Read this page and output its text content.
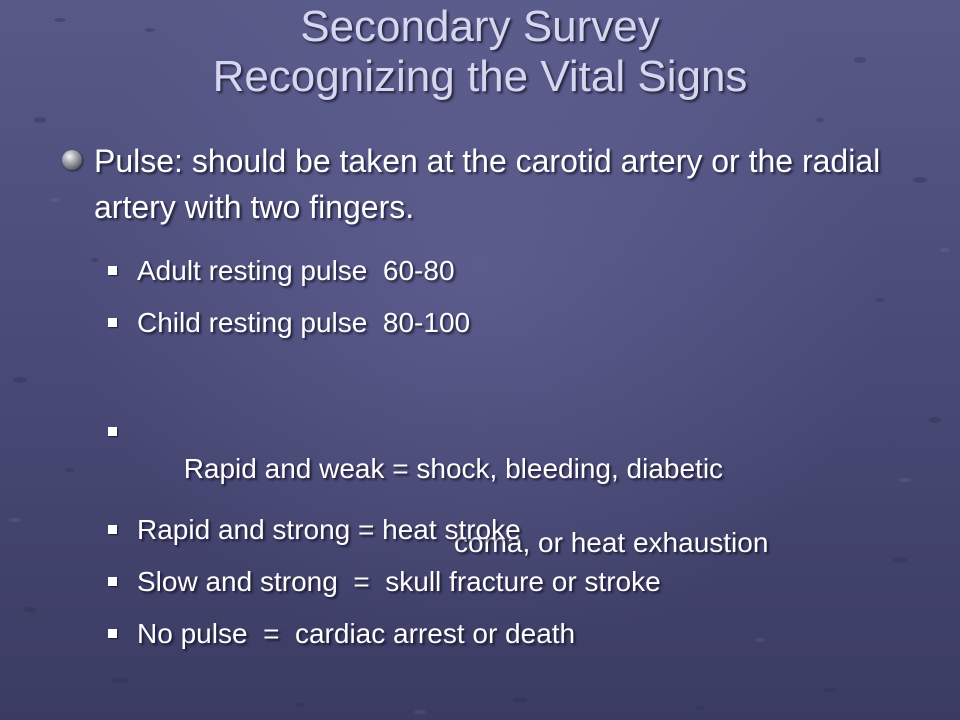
Secondary Survey
Recognizing the Vital Signs
Pulse: should be taken at the carotid artery or the radial artery with two fingers.
Adult resting pulse  60-80
Child resting pulse  80-100

Rapid and weak = shock, bleeding, diabetic

coma, or heat exhaustion

Rapid and strong = heat stroke
Slow and strong  =  skull fracture or stroke
No pulse  =  cardiac arrest or death
